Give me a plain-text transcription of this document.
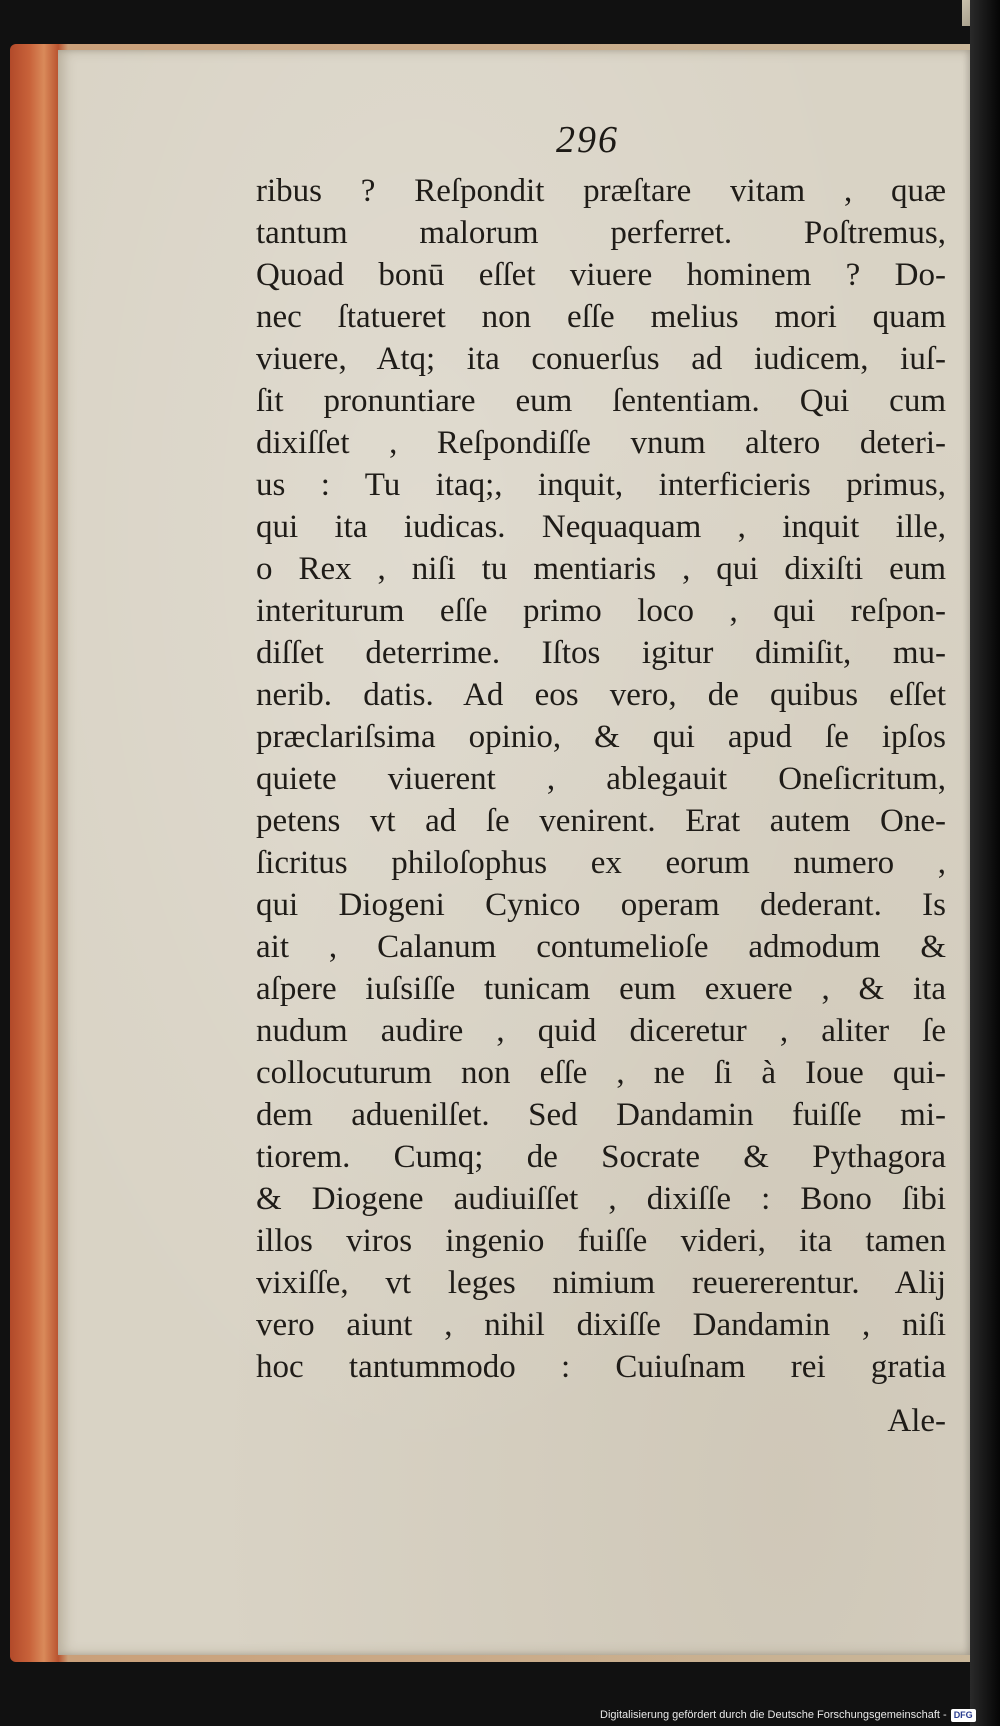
296
ribus ? Reſpondit præſtare vitam , quæ
tantum malorum perferret. Poſtremus,
Quoad bonū eſſet viuere hominem ? Do-
nec ſtatueret non eſſe melius mori quam
viuere, Atq; ita conuerſus ad iudicem, iuſ-
ſit pronuntiare eum ſententiam. Qui cum
dixiſſet , Reſpondiſſe vnum altero deteri-
us : Tu itaq;, inquit, interficieris primus,
qui ita iudicas. Nequaquam , inquit ille,
o Rex , niſi tu mentiaris , qui dixiſti eum
interiturum eſſe primo loco , qui reſpon-
diſſet deterrime. Iſtos igitur dimiſit, mu-
nerib. datis. Ad eos vero, de quibus eſſet
præclariſsima opinio, & qui apud ſe ipſos
quiete viuerent , ablegauit Oneſicritum,
petens vt ad ſe venirent. Erat autem One-
ſicritus philoſophus ex eorum numero ,
qui Diogeni Cynico operam dederant. Is
ait , Calanum contumelioſe admodum &
aſpere iuſsiſſe tunicam eum exuere , & ita
nudum audire , quid diceretur , aliter ſe
collocuturum non eſſe , ne ſi à Ioue qui-
dem aduenilſet. Sed Dandamin fuiſſe mi-
tiorem. Cumq; de Socrate & Pythagora
& Diogene audiuiſſet , dixiſſe : Bono ſibi
illos viros ingenio fuiſſe videri, ita tamen
vixiſſe, vt leges nimium reuererentur. Alij
vero aiunt , nihil dixiſſe Dandamin , niſi
hoc tantummodo : Cuiuſnam rei gratia
Ale-
Digitalisierung gefördert durch die Deutsche Forschungsgemeinschaft - DFG
